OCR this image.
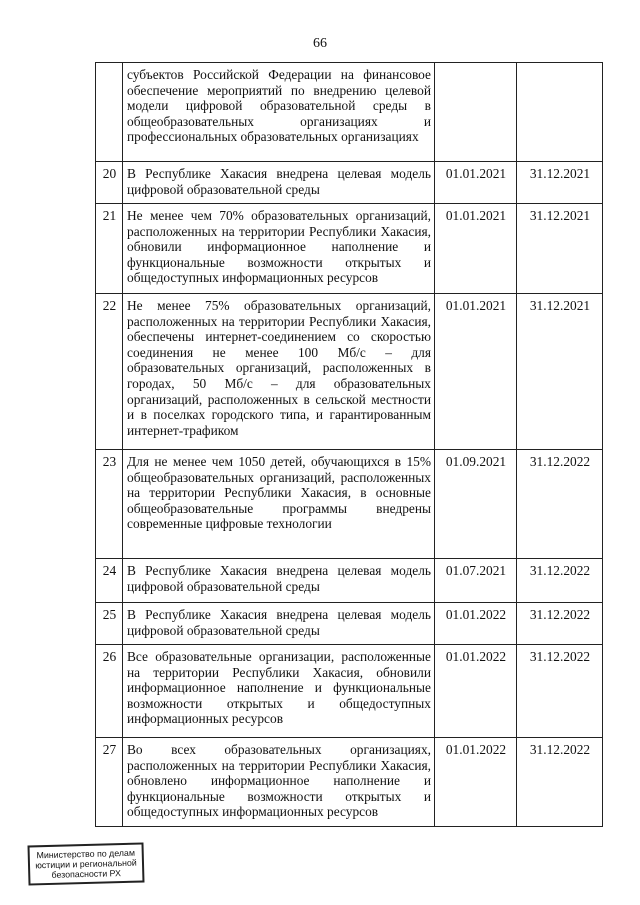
66
	субъектов Российской Федерации на финансовое обеспечение мероприятий по внедрению целевой модели цифровой образовательной среды в общеобразовательных организациях и профессиональных образовательных организациях		
20	В Республике Хакасия внедрена целевая модель цифровой образовательной среды	01.01.2021	31.12.2021
21	Не менее чем 70% образовательных организаций, расположенных на территории Республики Хакасия, обновили информационное наполнение и функциональные возможности открытых и общедоступных информационных ресурсов	01.01.2021	31.12.2021
22	Не менее 75% образовательных организаций, расположенных на территории Республики Хакасия, обеспечены интернет-соединением со скоростью соединения не менее 100 Мб/с – для образовательных организаций, расположенных в городах, 50 Мб/с – для образовательных организаций, расположенных в сельской местности и в поселках городского типа, и гарантированным интернет-трафиком	01.01.2021	31.12.2021
23	Для не менее чем 1050 детей, обучающихся в 15% общеобразовательных организаций, расположенных на территории Республики Хакасия, в основные общеобразовательные программы внедрены современные цифровые технологии	01.09.2021	31.12.2022
24	В Республике Хакасия внедрена целевая модель цифровой образовательной среды	01.07.2021	31.12.2022
25	В Республике Хакасия внедрена целевая модель цифровой образовательной среды	01.01.2022	31.12.2022
26	Все образовательные организации, расположенные на территории Республики Хакасия, обновили информационное наполнение и функциональные возможности открытых и общедоступных информационных ресурсов	01.01.2022	31.12.2022
27	Во всех образовательных организациях, расположенных на территории Республики Хакасия, обновлено информационное наполнение и функциональные возможности открытых и общедоступных информационных ресурсов	01.01.2022	31.12.2022
Министерство по делам
юстиции и региональной
безопасности РХ
